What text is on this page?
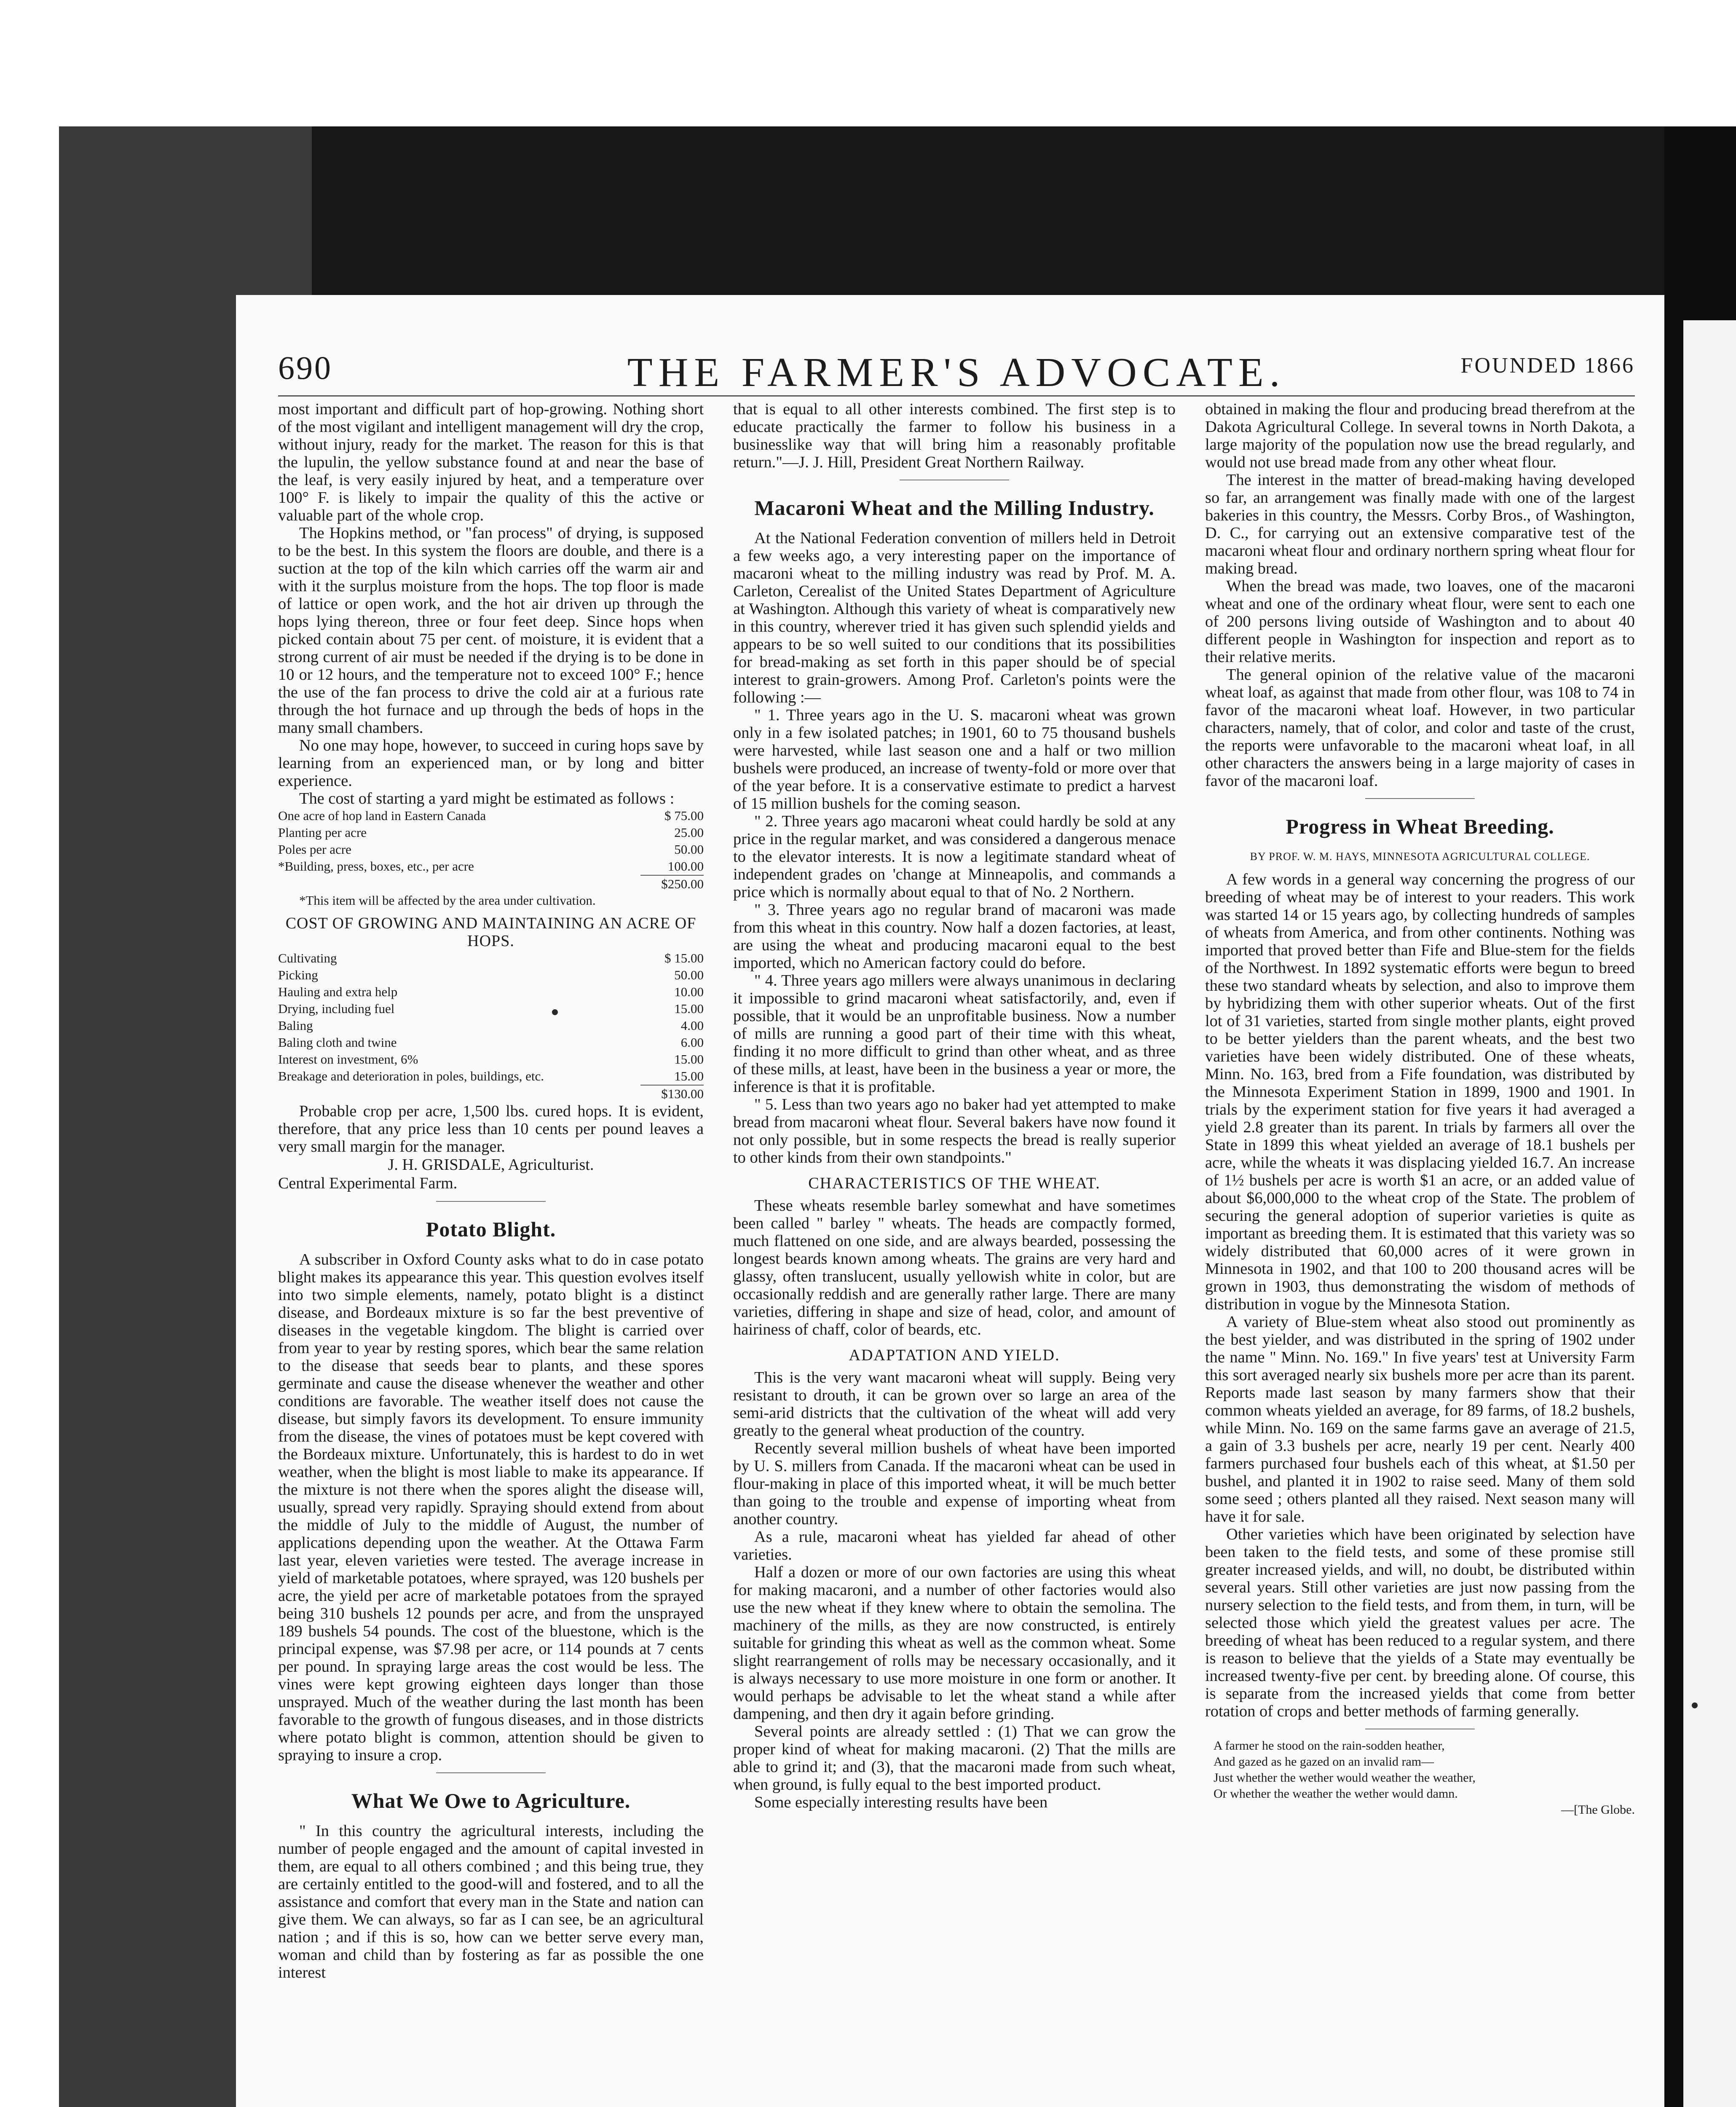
690	THE FARMER'S ADVOCATE.	FOUNDED 1866

most important and difficult part of hop-growing. Nothing short of the most vigilant and intelligent management will dry the crop, without injury, ready for the market. The reason for this is that the lupulin, the yellow substance found at and near the base of the leaf, is very easily injured by heat, and a temperature over 100° F. is likely to impair the quality of this the active or valuable part of the whole crop.

The Hopkins method, or "fan process" of drying, is supposed to be the best. In this system the floors are double, and there is a suction at the top of the kiln which carries off the warm air and with it the surplus moisture from the hops. The top floor is made of lattice or open work, and the hot air driven up through the hops lying thereon, three or four feet deep. Since hops when picked contain about 75 per cent. of moisture, it is evident that a strong current of air must be needed if the drying is to be done in 10 or 12 hours, and the temperature not to exceed 100° F.; hence the use of the fan process to drive the cold air at a furious rate through the hot furnace and up through the beds of hops in the many small chambers.

No one may hope, however, to succeed in curing hops save by learning from an experienced man, or by long and bitter experience.

The cost of starting a yard might be estimated as follows :

One acre of hop land in Eastern Canada	$ 75.00
Planting per acre	25.00
Poles per acre	50.00
*Building, press, boxes, etc., per acre	100.00

$250.00

*This item will be affected by the area under cultivation.

COST OF GROWING AND MAINTAINING AN ACRE OF HOPS.
Cultivating	$ 15.00
Picking	50.00
Hauling and extra help	10.00
Drying, including fuel	15.00
Baling	4.00
Baling cloth and twine	6.00
Interest on investment, 6%	15.00
Breakage and deterioration in poles, buildings, etc.	15.00

$130.00

Probable crop per acre, 1,500 lbs. cured hops. It is evident, therefore, that any price less than 10 cents per pound leaves a very small margin for the manager.

J. H. GRISDALE, Agriculturist.
Central Experimental Farm.
Potato Blight.

A subscriber in Oxford County asks what to do in case potato blight makes its appearance this year. This question evolves itself into two simple elements, namely, potato blight is a distinct disease, and Bordeaux mixture is so far the best preventive of diseases in the vegetable kingdom. The blight is carried over from year to year by resting spores, which bear the same relation to the disease that seeds bear to plants, and these spores germinate and cause the disease whenever the weather and other conditions are favorable. The weather itself does not cause the disease, but simply favors its development. To ensure immunity from the disease, the vines of potatoes must be kept covered with the Bordeaux mixture. Unfortunately, this is hardest to do in wet weather, when the blight is most liable to make its appearance. If the mixture is not there when the spores alight the disease will, usually, spread very rapidly. Spraying should extend from about the middle of July to the middle of August, the number of applications depending upon the weather. At the Ottawa Farm last year, eleven varieties were tested. The average increase in yield of marketable potatoes, where sprayed, was 120 bushels per acre, the yield per acre of marketable potatoes from the sprayed being 310 bushels 12 pounds per acre, and from the unsprayed 189 bushels 54 pounds. The cost of the bluestone, which is the principal expense, was $7.98 per acre, or 114 pounds at 7 cents per pound. In spraying large areas the cost would be less. The vines were kept growing eighteen days longer than those unsprayed. Much of the weather during the last month has been favorable to the growth of fungous diseases, and in those districts where potato blight is common, attention should be given to spraying to insure a crop.

What We Owe to Agriculture.

" In this country the agricultural interests, including the number of people engaged and the amount of capital invested in them, are equal to all others combined ; and this being true, they are certainly entitled to the good-will and fostered, and to all the assistance and comfort that every man in the State and nation can give them. We can always, so far as I can see, be an agricultural nation ; and if this is so, how can we better serve every man, woman and child than by fostering as far as possible the one interest

that is equal to all other interests combined. The first step is to educate practically the farmer to follow his business in a businesslike way that will bring him a reasonably profitable return."—J. J. Hill, President Great Northern Railway.

Macaroni Wheat and the Milling Industry.

At the National Federation convention of millers held in Detroit a few weeks ago, a very interesting paper on the importance of macaroni wheat to the milling industry was read by Prof. M. A. Carleton, Cerealist of the United States Department of Agriculture at Washington. Although this variety of wheat is comparatively new in this country, wherever tried it has given such splendid yields and appears to be so well suited to our conditions that its possibilities for bread-making as set forth in this paper should be of special interest to grain-growers. Among Prof. Carleton's points were the following :—

" 1. Three years ago in the U. S. macaroni wheat was grown only in a few isolated patches; in 1901, 60 to 75 thousand bushels were harvested, while last season one and a half or two million bushels were produced, an increase of twenty-fold or more over that of the year before. It is a conservative estimate to predict a harvest of 15 million bushels for the coming season.

" 2. Three years ago macaroni wheat could hardly be sold at any price in the regular market, and was considered a dangerous menace to the elevator interests. It is now a legitimate standard wheat of independent grades on 'change at Minneapolis, and commands a price which is normally about equal to that of No. 2 Northern.

" 3. Three years ago no regular brand of macaroni was made from this wheat in this country. Now half a dozen factories, at least, are using the wheat and producing macaroni equal to the best imported, which no American factory could do before.

" 4. Three years ago millers were always unanimous in declaring it impossible to grind macaroni wheat satisfactorily, and, even if possible, that it would be an unprofitable business. Now a number of mills are running a good part of their time with this wheat, finding it no more difficult to grind than other wheat, and as three of these mills, at least, have been in the business a year or more, the inference is that it is profitable.

" 5. Less than two years ago no baker had yet attempted to make bread from macaroni wheat flour. Several bakers have now found it not only possible, but in some respects the bread is really superior to other kinds from their own standpoints."

CHARACTERISTICS OF THE WHEAT.

These wheats resemble barley somewhat and have sometimes been called " barley " wheats. The heads are compactly formed, much flattened on one side, and are always bearded, possessing the longest beards known among wheats. The grains are very hard and glassy, often translucent, usually yellowish white in color, but are occasionally reddish and are generally rather large. There are many varieties, differing in shape and size of head, color, and amount of hairiness of chaff, color of beards, etc.

ADAPTATION AND YIELD.

This is the very want macaroni wheat will supply. Being very resistant to drouth, it can be grown over so large an area of the semi-arid districts that the cultivation of the wheat will add very greatly to the general wheat production of the country.

Recently several million bushels of wheat have been imported by U. S. millers from Canada. If the macaroni wheat can be used in flour-making in place of this imported wheat, it will be much better than going to the trouble and expense of importing wheat from another country.

As a rule, macaroni wheat has yielded far ahead of other varieties.

Half a dozen or more of our own factories are using this wheat for making macaroni, and a number of other factories would also use the new wheat if they knew where to obtain the semolina. The machinery of the mills, as they are now constructed, is entirely suitable for grinding this wheat as well as the common wheat. Some slight rearrangement of rolls may be necessary occasionally, and it is always necessary to use more moisture in one form or another. It would perhaps be advisable to let the wheat stand a while after dampening, and then dry it again before grinding.

Several points are already settled : (1) That we can grow the proper kind of wheat for making macaroni. (2) That the mills are able to grind it; and (3), that the macaroni made from such wheat, when ground, is fully equal to the best imported product.

Some especially interesting results have been

obtained in making the flour and producing bread therefrom at the Dakota Agricultural College. In several towns in North Dakota, a large majority of the population now use the bread regularly, and would not use bread made from any other wheat flour.

The interest in the matter of bread-making having developed so far, an arrangement was finally made with one of the largest bakeries in this country, the Messrs. Corby Bros., of Washington, D. C., for carrying out an extensive comparative test of the macaroni wheat flour and ordinary northern spring wheat flour for making bread.

When the bread was made, two loaves, one of the macaroni wheat and one of the ordinary wheat flour, were sent to each one of 200 persons living outside of Washington and to about 40 different people in Washington for inspection and report as to their relative merits.

The general opinion of the relative value of the macaroni wheat loaf, as against that made from other flour, was 108 to 74 in favor of the macaroni wheat loaf. However, in two particular characters, namely, that of color, and color and taste of the crust, the reports were unfavorable to the macaroni wheat loaf, in all other characters the answers being in a large majority of cases in favor of the macaroni loaf.

Progress in Wheat Breeding.
BY PROF. W. M. HAYS, MINNESOTA AGRICULTURAL COLLEGE.

A few words in a general way concerning the progress of our breeding of wheat may be of interest to your readers. This work was started 14 or 15 years ago, by collecting hundreds of samples of wheats from America, and from other continents. Nothing was imported that proved better than Fife and Blue-stem for the fields of the Northwest. In 1892 systematic efforts were begun to breed these two standard wheats by selection, and also to improve them by hybridizing them with other superior wheats. Out of the first lot of 31 varieties, started from single mother plants, eight proved to be better yielders than the parent wheats, and the best two varieties have been widely distributed. One of these wheats, Minn. No. 163, bred from a Fife foundation, was distributed by the Minnesota Experiment Station in 1899, 1900 and 1901. In trials by the experiment station for five years it had averaged a yield 2.8 greater than its parent. In trials by farmers all over the State in 1899 this wheat yielded an average of 18.1 bushels per acre, while the wheats it was displacing yielded 16.7. An increase of 1½ bushels per acre is worth $1 an acre, or an added value of about $6,000,000 to the wheat crop of the State. The problem of securing the general adoption of superior varieties is quite as important as breeding them. It is estimated that this variety was so widely distributed that 60,000 acres of it were grown in Minnesota in 1902, and that 100 to 200 thousand acres will be grown in 1903, thus demonstrating the wisdom of methods of distribution in vogue by the Minnesota Station.

A variety of Blue-stem wheat also stood out prominently as the best yielder, and was distributed in the spring of 1902 under the name " Minn. No. 169." In five years' test at University Farm this sort averaged nearly six bushels more per acre than its parent. Reports made last season by many farmers show that their common wheats yielded an average, for 89 farms, of 18.2 bushels, while Minn. No. 169 on the same farms gave an average of 21.5, a gain of 3.3 bushels per acre, nearly 19 per cent. Nearly 400 farmers purchased four bushels each of this wheat, at $1.50 per bushel, and planted it in 1902 to raise seed. Many of them sold some seed ; others planted all they raised. Next season many will have it for sale.

Other varieties which have been originated by selection have been taken to the field tests, and some of these promise still greater increased yields, and will, no doubt, be distributed within several years. Still other varieties are just now passing from the nursery selection to the field tests, and from them, in turn, will be selected those which yield the greatest values per acre. The breeding of wheat has been reduced to a regular system, and there is reason to believe that the yields of a State may eventually be increased twenty-five per cent. by breeding alone. Of course, this is separate from the increased yields that come from better rotation of crops and better methods of farming generally.

A farmer he stood on the rain-sodden heather,
And gazed as he gazed on an invalid ram—
Just whether the wether would weather the weather,
Or whether the weather the wether would damn.
—[The Globe.
